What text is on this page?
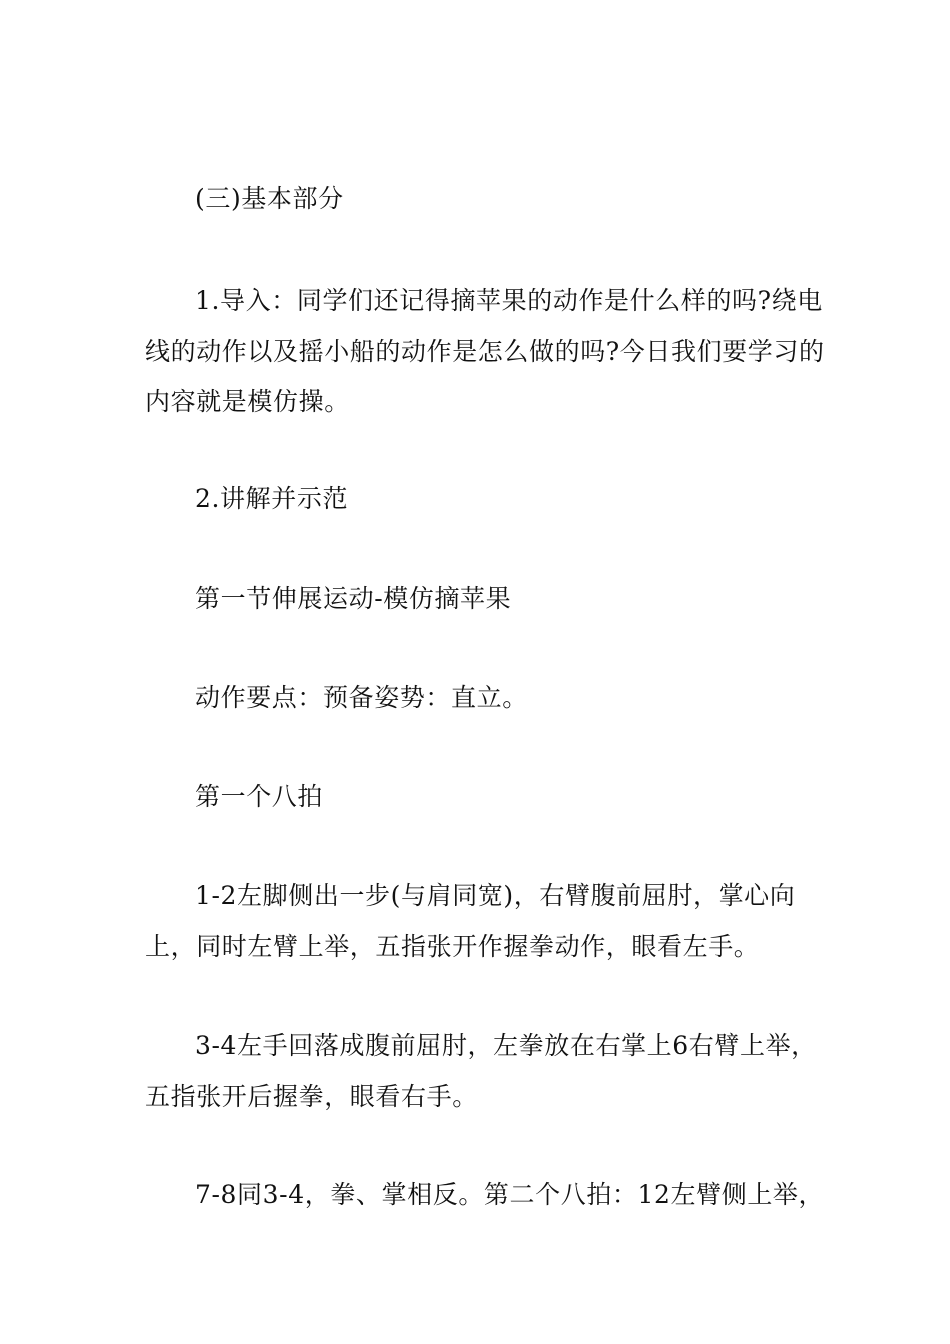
(三)基本部分

1.导入：同学们还记得摘苹果的动作是什么样的吗?绕电线的动作以及摇小船的动作是怎么做的吗?今日我们要学习的内容就是模仿操。

2.讲解并示范

第一节伸展运动-模仿摘苹果

动作要点：预备姿势：直立。

第一个八拍

1-2左脚侧出一步(与肩同宽)，右臂腹前屈肘，掌心向上，同时左臂上举，五指张开作握拳动作，眼看左手。

3-4左手回落成腹前屈肘，左拳放在右掌上6右臂上举，五指张开后握拳，眼看右手。

7-8同3-4，拳、掌相反。第二个八拍：12左臂侧上举，
